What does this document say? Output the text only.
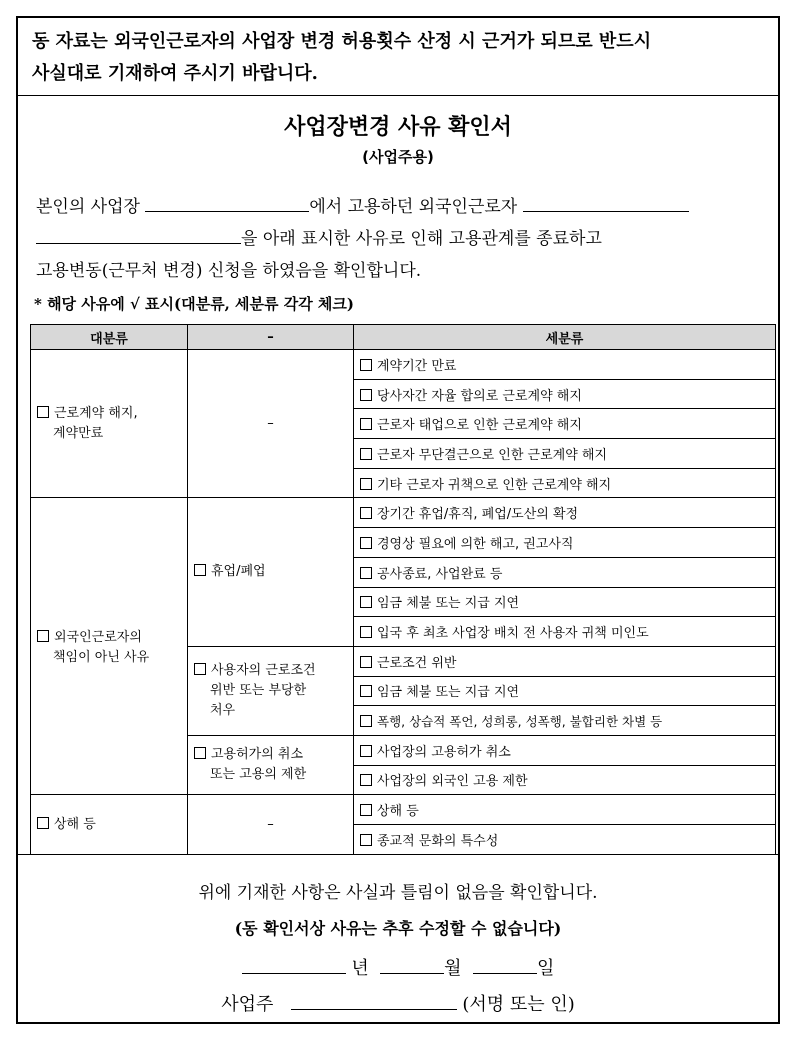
동 자료는 외국인근로자의 사업장 변경 허용횟수 산정 시 근거가 되므로 반드시
사실대로 기재하여 주시기 바랍니다.
사업장변경 사유 확인서
(사업주용)
본인의 사업장	에서 고용하던 외국인근로자
을 아래 표시한 사유로 인해 고용관계를 종료하고
고용변동(근무처 변경) 신청을 하였음을 확인합니다.
* 해당 사유에 √ 표시(대분류, 세분류 각각 체크)
대분류	–	세분류
근로계약 해지,
계약만료	–	계약기간 만료
		당사자간 자율 합의로 근로계약 해지
		근로자 태업으로 인한 근로계약 해지
		근로자 무단결근으로 인한 근로계약 해지
		기타 근로자 귀책으로 인한 근로계약 해지
외국인근로자의
책임이 아닌 사유	휴업/폐업	장기간 휴업/휴직, 폐업/도산의 확정
		경영상 필요에 의한 해고, 권고사직
		공사종료, 사업완료 등
		임금 체불 또는 지급 지연
		입국 후 최초 사업장 배치 전 사용자 귀책 미인도
	사용자의 근로조건
위반 또는 부당한
처우	근로조건 위반
		임금 체불 또는 지급 지연
		폭행, 상습적 폭언, 성희롱, 성폭행, 불합리한 차별 등
	고용허가의 취소
또는 고용의 제한	사업장의 고용허가 취소
		사업장의 외국인 고용 제한
상해 등	–	상해 등
		종교적 문화의 특수성
위에 기재한 사항은 사실과 틀림이 없음을 확인합니다.
(동 확인서상 사유는 추후 수정할 수 없습니다)
년	월	일
사업주	(서명 또는 인)
